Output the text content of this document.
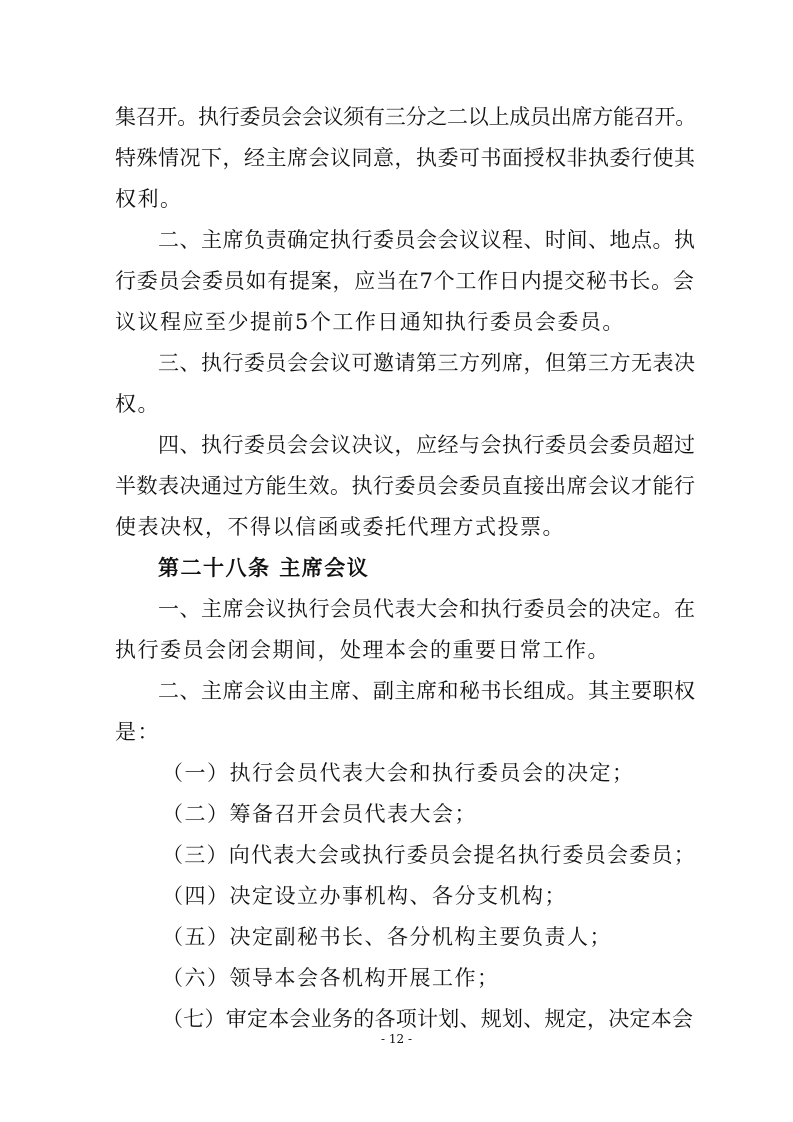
集召开。执行委员会会议须有三分之二以上成员出席方能召开。
特殊情况下，经主席会议同意，执委可书面授权非执委行使其
权利。
二、主席负责确定执行委员会会议议程、时间、地点。执
行委员会委员如有提案，应当在7个工作日内提交秘书长。会
议议程应至少提前5个工作日通知执行委员会委员。
三、执行委员会会议可邀请第三方列席，但第三方无表决
权。
四、执行委员会会议决议，应经与会执行委员会委员超过
半数表决通过方能生效。执行委员会委员直接出席会议才能行
使表决权，不得以信函或委托代理方式投票。
第二十八条 主席会议
一、主席会议执行会员代表大会和执行委员会的决定。在
执行委员会闭会期间，处理本会的重要日常工作。
二、主席会议由主席、副主席和秘书长组成。其主要职权
是：
（一）执行会员代表大会和执行委员会的决定；
（二）筹备召开会员代表大会；
（三）向代表大会或执行委员会提名执行委员会委员；
（四）决定设立办事机构、各分支机构；
（五）决定副秘书长、各分机构主要负责人；
（六）领导本会各机构开展工作；
（七）审定本会业务的各项计划、规划、规定，决定本会
- 12 -
